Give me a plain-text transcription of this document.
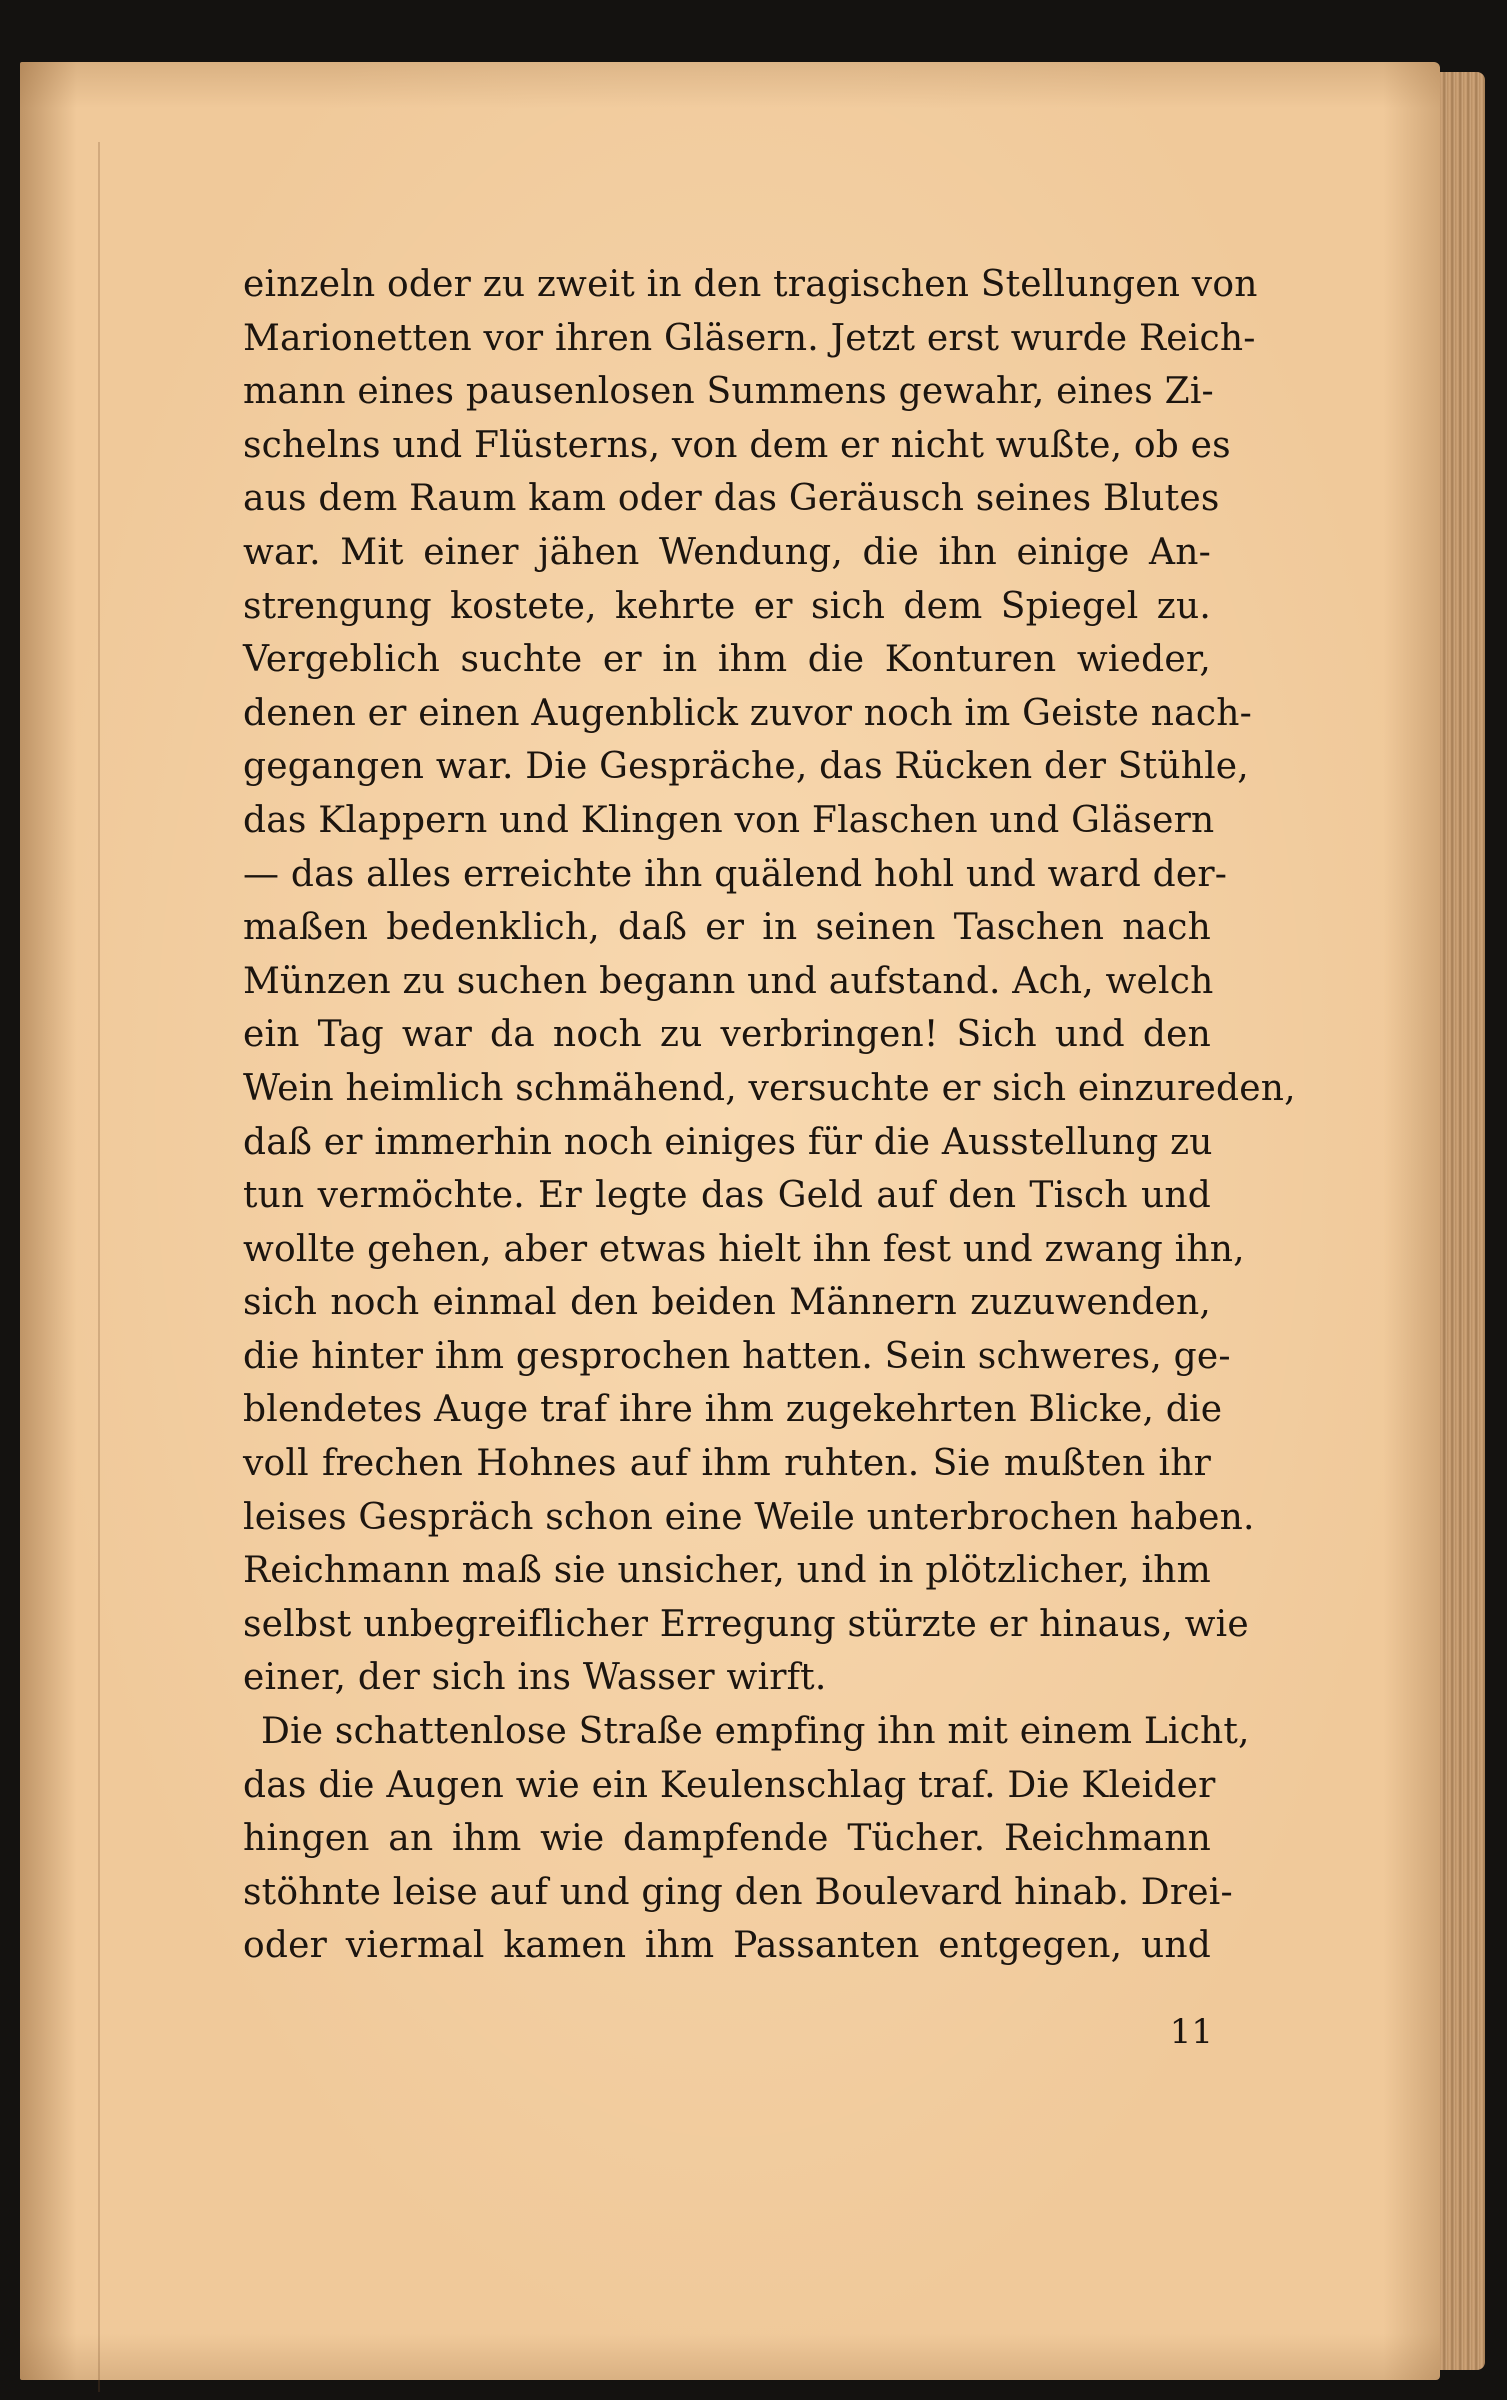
einzeln oder zu zweit in den tragischen Stellungen von
Marionetten vor ihren Gläsern. Jetzt erst wurde Reich-
mann eines pausenlosen Summens gewahr, eines Zi-
schelns und Flüsterns, von dem er nicht wußte, ob es
aus dem Raum kam oder das Geräusch seines Blutes
war. Mit einer jähen Wendung, die ihn einige An-
strengung kostete, kehrte er sich dem Spiegel zu.
Vergeblich suchte er in ihm die Konturen wieder,
denen er einen Augenblick zuvor noch im Geiste nach-
gegangen war. Die Gespräche, das Rücken der Stühle,
das Klappern und Klingen von Flaschen und Gläsern
— das alles erreichte ihn quälend hohl und ward der-
maßen bedenklich, daß er in seinen Taschen nach
Münzen zu suchen begann und aufstand. Ach, welch
ein Tag war da noch zu verbringen! Sich und den
Wein heimlich schmähend, versuchte er sich einzureden,
daß er immerhin noch einiges für die Ausstellung zu
tun vermöchte. Er legte das Geld auf den Tisch und
wollte gehen, aber etwas hielt ihn fest und zwang ihn,
sich noch einmal den beiden Männern zuzuwenden,
die hinter ihm gesprochen hatten. Sein schweres, ge-
blendetes Auge traf ihre ihm zugekehrten Blicke, die
voll frechen Hohnes auf ihm ruhten. Sie mußten ihr
leises Gespräch schon eine Weile unterbrochen haben.
Reichmann maß sie unsicher, und in plötzlicher, ihm
selbst unbegreiflicher Erregung stürzte er hinaus, wie
einer, der sich ins Wasser wirft.
Die schattenlose Straße empfing ihn mit einem Licht,
das die Augen wie ein Keulenschlag traf. Die Kleider
hingen an ihm wie dampfende Tücher. Reichmann
stöhnte leise auf und ging den Boulevard hinab. Drei-
oder viermal kamen ihm Passanten entgegen, und
11
